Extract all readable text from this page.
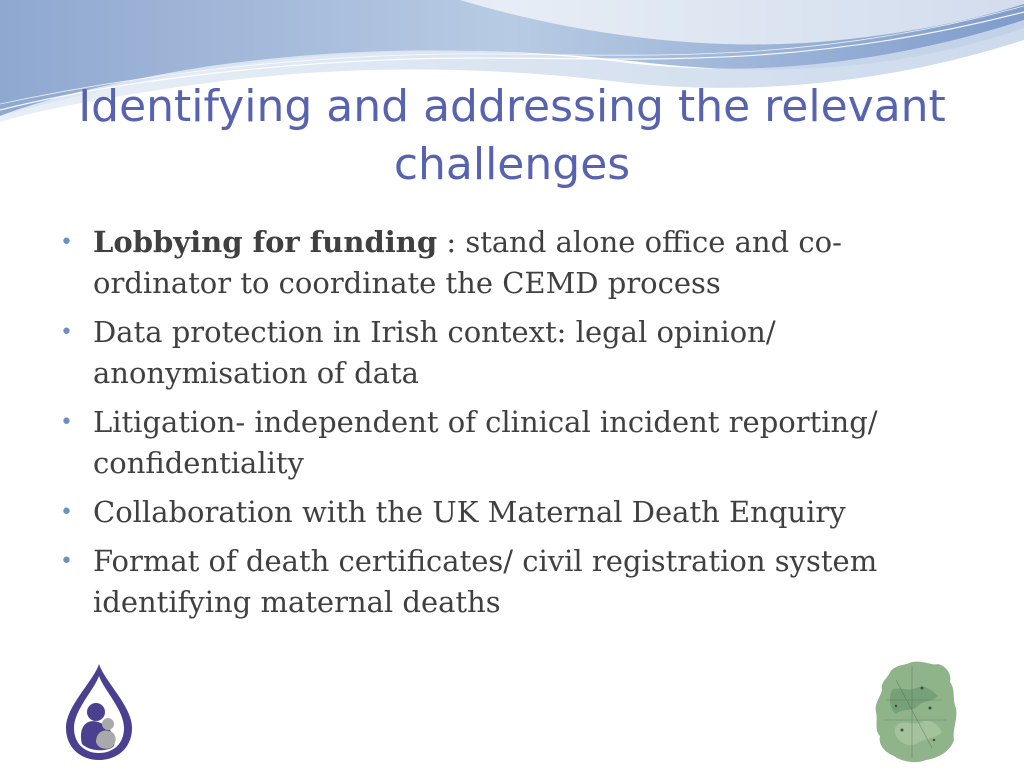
Identifying and addressing the relevant challenges
• Lobbying for funding : stand alone office and co-ordinator to coordinate the CEMD process
• Data protection in Irish context: legal opinion/ anonymisation of data
• Litigation- independent of clinical incident reporting/ confidentiality
• Collaboration with the UK Maternal Death Enquiry
• Format of death certificates/ civil registration system identifying maternal deaths
